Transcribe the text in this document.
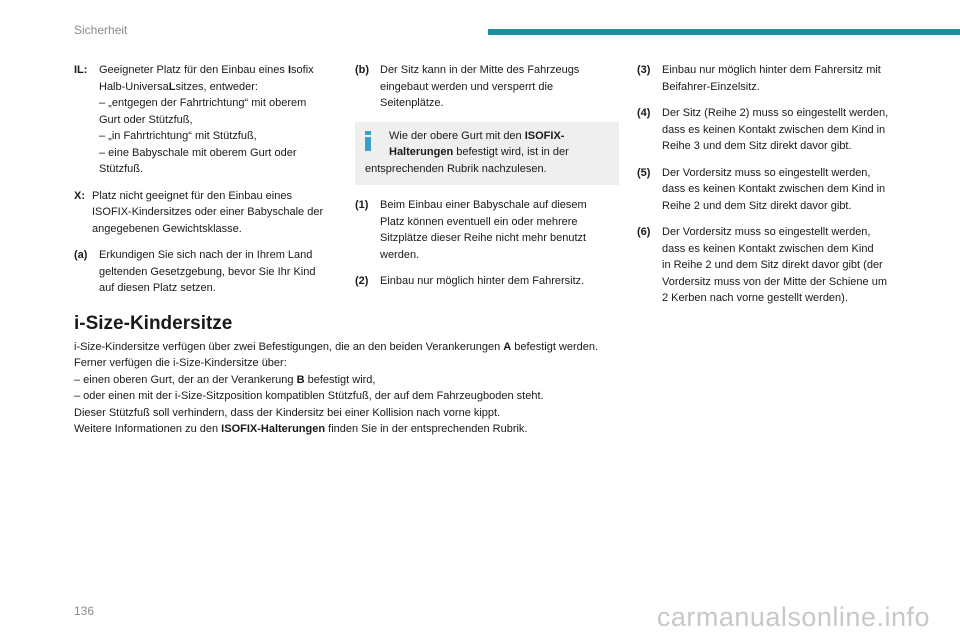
Sicherheit
IL:	Geeigneter Platz für den Einbau eines Isofix
Halb-UniversaLsitzes, entweder:
– „entgegen der Fahrtrichtung“ mit oberem
Gurt oder Stützfuß,
– „in Fahrtrichtung“ mit Stützfuß,
– eine Babyschale mit oberem Gurt oder
Stützfuß.
X: Platz nicht geeignet für den Einbau eines
ISOFIX-Kindersitzes oder einer Babyschale der
angegebenen Gewichtsklasse.
(a)	Erkundigen Sie sich nach der in Ihrem Land
geltenden Gesetzgebung, bevor Sie Ihr Kind
auf diesen Platz setzen.
(b) Der Sitz kann in der Mitte des Fahrzeugs
eingebaut werden und versperrt die
Seitenplätze.
Wie der obere Gurt mit den ISOFIX-
Halterungen befestigt wird, ist in der
entsprechenden Rubrik nachzulesen.
(1)	Beim Einbau einer Babyschale auf diesem
Platz können eventuell ein oder mehrere
Sitzplätze dieser Reihe nicht mehr benutzt
werden.
(2)	Einbau nur möglich hinter dem Fahrersitz.
(3)	Einbau nur möglich hinter dem Fahrersitz mit
Beifahrer-Einzelsitz.
(4)	Der Sitz (Reihe 2) muss so eingestellt werden,
dass es keinen Kontakt zwischen dem Kind in
Reihe 3 und dem Sitz direkt davor gibt.
(5)	Der Vordersitz muss so eingestellt werden,
dass es keinen Kontakt zwischen dem Kind in
Reihe 2 und dem Sitz direkt davor gibt.
(6)	Der Vordersitz muss so eingestellt werden,
dass es keinen Kontakt zwischen dem Kind
in Reihe 2 und dem Sitz direkt davor gibt (der
Vordersitz muss von der Mitte der Schiene um
2 Kerben nach vorne gestellt werden).
i-Size-Kindersitze
i-Size-Kindersitze verfügen über zwei Befestigungen, die an den beiden Verankerungen A befestigt werden.
Ferner verfügen die i-Size-Kindersitze über:
– einen oberen Gurt, der an der Verankerung B befestigt wird,
– oder einen mit der i-Size-Sitzposition kompatiblen Stützfuß, der auf dem Fahrzeugboden steht.
Dieser Stützfuß soll verhindern, dass der Kindersitz bei einer Kollision nach vorne kippt.
Weitere Informationen zu den ISOFIX-Halterungen finden Sie in der entsprechenden Rubrik.
136	carmanualsonline.info
